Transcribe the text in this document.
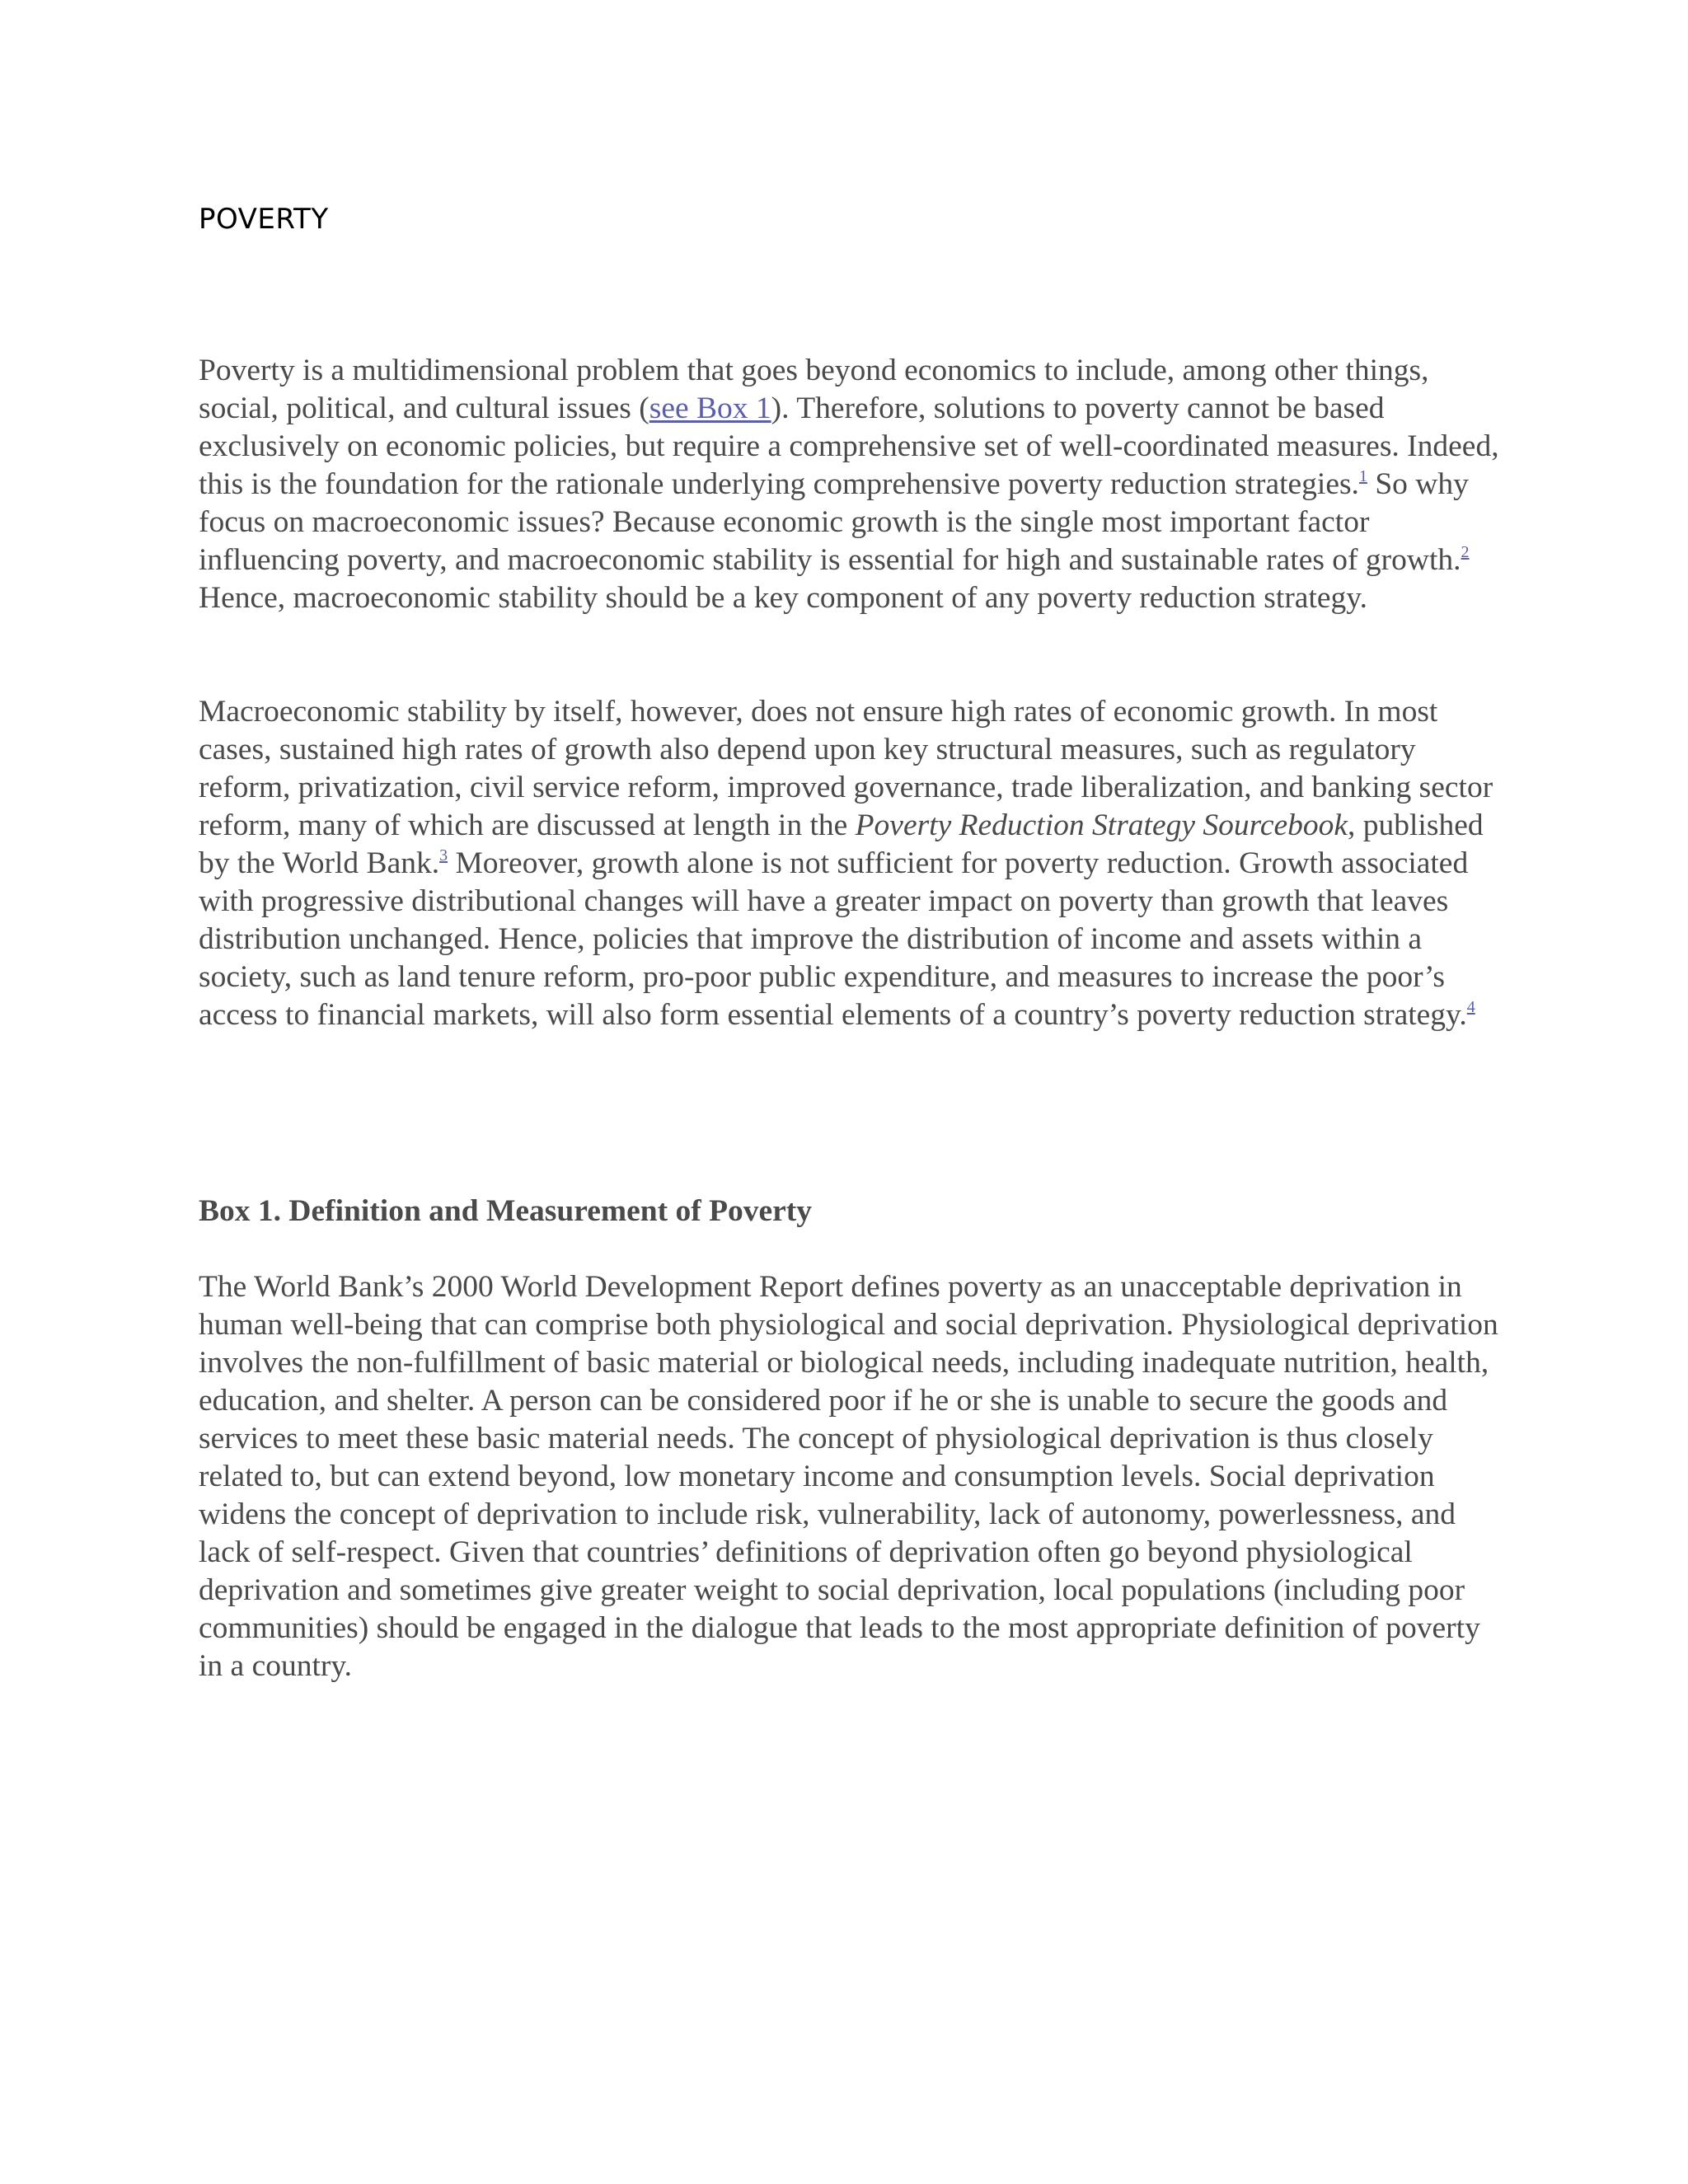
POVERTY

Poverty is a multidimensional problem that goes beyond economics to include, among other things, social, political, and cultural issues (see Box 1). Therefore, solutions to poverty cannot be based exclusively on economic policies, but require a comprehensive set of well-coordinated measures. Indeed, this is the foundation for the rationale underlying comprehensive poverty reduction strategies.$^1$ So why focus on macroeconomic issues? Because economic growth is the single most important factor influencing poverty, and macroeconomic stability is essential for high and sustainable rates of growth.$^2$ Hence, macroeconomic stability should be a key component of any poverty reduction strategy.

Macroeconomic stability by itself, however, does not ensure high rates of economic growth. In most cases, sustained high rates of growth also depend upon key structural measures, such as regulatory reform, privatization, civil service reform, improved governance, trade liberalization, and banking sector reform, many of which are discussed at length in the Poverty Reduction Strategy Sourcebook, published by the World Bank.$^3$ Moreover, growth alone is not sufficient for poverty reduction. Growth associated with progressive distributional changes will have a greater impact on poverty than growth that leaves distribution unchanged. Hence, policies that improve the distribution of income and assets within a society, such as land tenure reform, pro-poor public expenditure, and measures to increase the poor’s access to financial markets, will also form essential elements of a country’s poverty reduction strategy.$^4$

Box 1. Definition and Measurement of Poverty

The World Bank’s 2000 World Development Report defines poverty as an unacceptable deprivation in human well-being that can comprise both physiological and social deprivation. Physiological deprivation involves the non-fulfillment of basic material or biological needs, including inadequate nutrition, health, education, and shelter. A person can be considered poor if he or she is unable to secure the goods and services to meet these basic material needs. The concept of physiological deprivation is thus closely related to, but can extend beyond, low monetary income and consumption levels. Social deprivation widens the concept of deprivation to include risk, vulnerability, lack of autonomy, powerlessness, and lack of self-respect. Given that countries’ definitions of deprivation often go beyond physiological deprivation and sometimes give greater weight to social deprivation, local populations (including poor communities) should be engaged in the dialogue that leads to the most appropriate definition of poverty in a country.
